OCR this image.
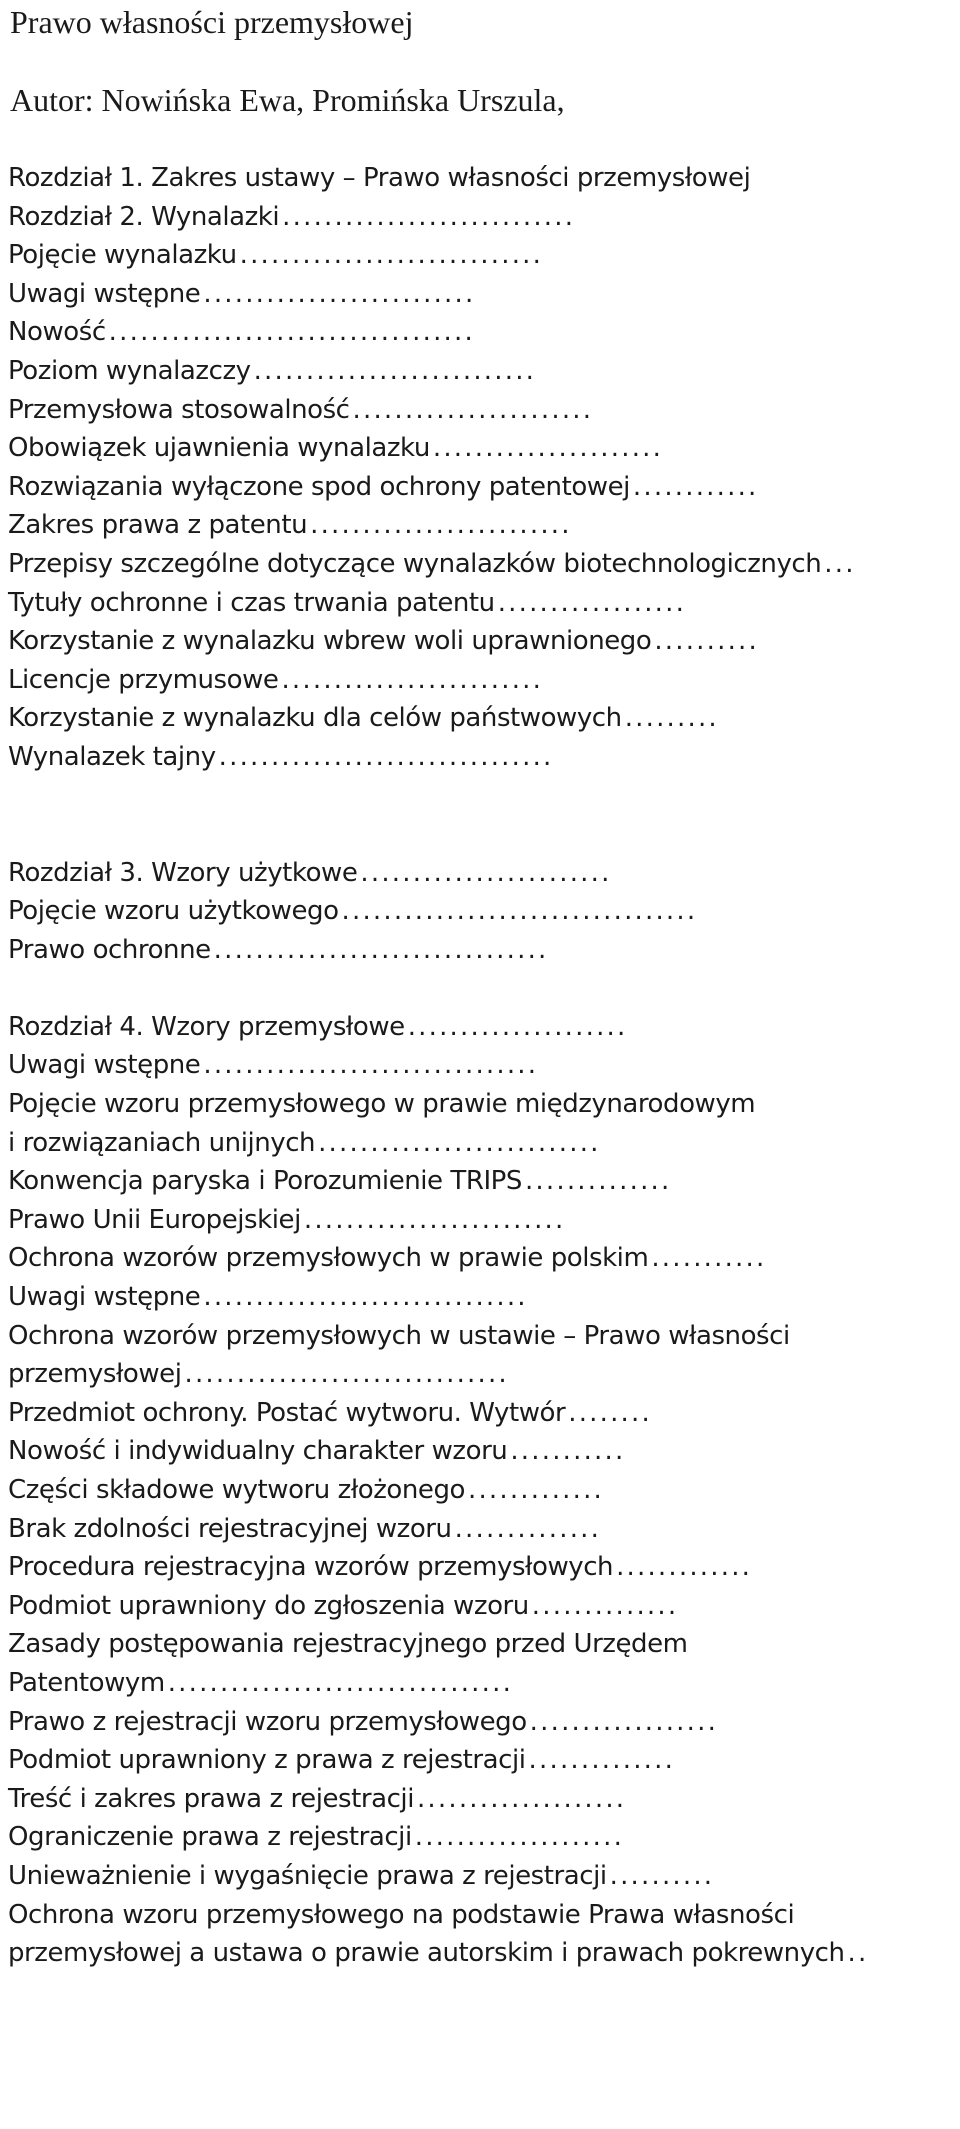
Prawo własności przemysłowej
Autor: Nowińska Ewa, Promińska Urszula,
Rozdział 1. Zakres ustawy – Prawo własności przemysłowej
Rozdział 2. Wynalazki ............................
Pojęcie wynalazku .............................
Uwagi wstępne ..........................
Nowość ...................................
Poziom wynalazczy ...........................
Przemysłowa stosowalność .......................
Obowiązek ujawnienia wynalazku ......................
Rozwiązania wyłączone spod ochrony patentowej ............
Zakres prawa z patentu .........................
Przepisy szczególne dotyczące wynalazków biotechnologicznych ...
Tytuły ochronne i czas trwania patentu ..................
Korzystanie z wynalazku wbrew woli uprawnionego ..........
Licencje przymusowe .........................
Korzystanie z wynalazku dla celów państwowych .........
Wynalazek tajny ................................
Rozdział 3. Wzory użytkowe ........................
Pojęcie wzoru użytkowego ..................................
Prawo ochronne ................................
Rozdział 4. Wzory przemysłowe .....................
Uwagi wstępne ................................
Pojęcie wzoru przemysłowego w prawie międzynarodowym
i rozwiązaniach unijnych ...........................
Konwencja paryska i Porozumienie TRIPS ..............
Prawo Unii Europejskiej .........................
Ochrona wzorów przemysłowych w prawie polskim ...........
Uwagi wstępne ...............................
Ochrona wzorów przemysłowych w ustawie – Prawo własności
przemysłowej ...............................
Przedmiot ochrony. Postać wytworu. Wytwór ........
Nowość i indywidualny charakter wzoru ...........
Części składowe wytworu złożonego .............
Brak zdolności rejestracyjnej wzoru ..............
Procedura rejestracyjna wzorów przemysłowych .............
Podmiot uprawniony do zgłoszenia wzoru ..............
Zasady postępowania rejestracyjnego przed Urzędem
Patentowym .................................
Prawo z rejestracji wzoru przemysłowego ..................
Podmiot uprawniony z prawa z rejestracji ..............
Treść i zakres prawa z rejestracji ....................
Ograniczenie prawa z rejestracji ....................
Unieważnienie i wygaśnięcie prawa z rejestracji ..........
Ochrona wzoru przemysłowego na podstawie Prawa własności
przemysłowej a ustawa o prawie autorskim i prawach pokrewnych ..
